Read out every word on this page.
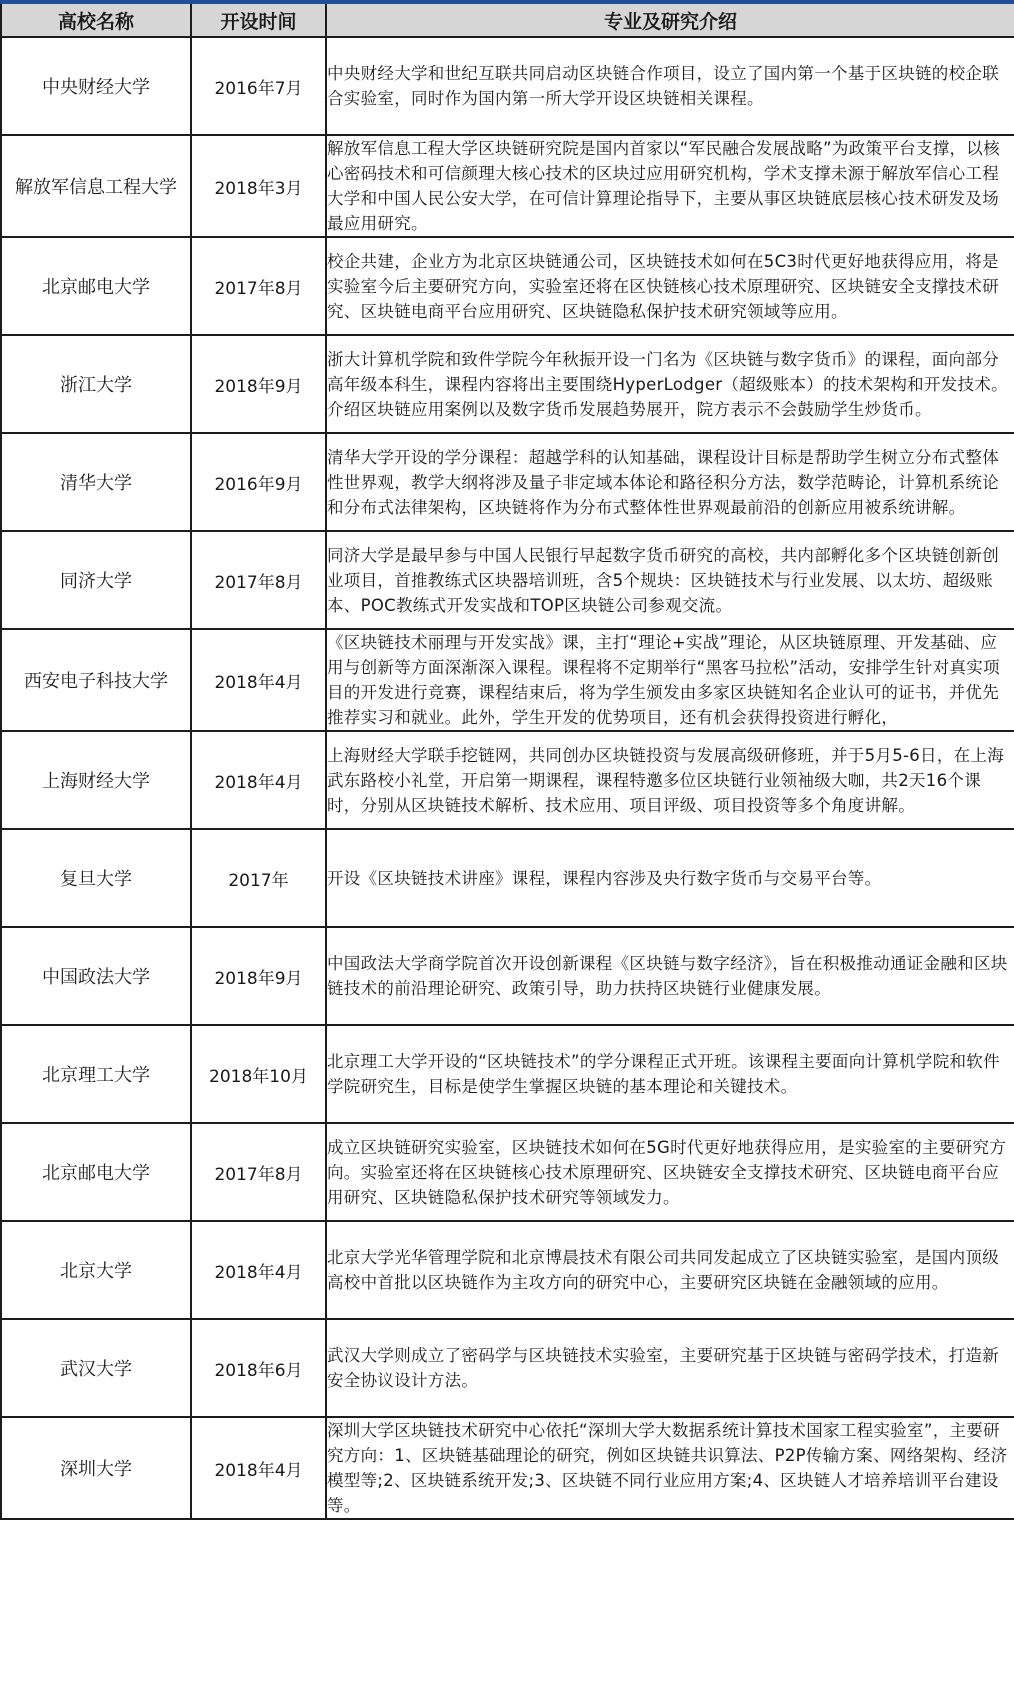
高校名称	开设时间	专业及研究介绍
中央财经大学	2016年7月	中央财经大学和世纪互联共同启动区块链合作项目，设立了国内第一个基于区块链的校企联合实验室，同时作为国内第一所大学开设区块链相关课程。
解放军信息工程大学	2018年3月	解放军信息工程大学区块链研究院是国内首家以“军民融合发展战略”为政策平台支撑，以核心密码技术和可信颜理大核心技术的区块过应用研究机构，学术支撑未源于解放军信心工程大学和中国人民公安大学，在可信计算理论指导下，主要从事区块链底层核心技术研发及场最应用研究。
北京邮电大学	2017年8月	校企共建，企业方为北京区块链通公司，区块链技术如何在5C3时代更好地获得应用，将是实验室今后主要研究方向，实验室还将在区快链核心技术原理研究、区块链安全支撑技术研究、区块链电商平台应用研究、区块链隐私保护技术研究领域等应用。
浙江大学	2018年9月	浙大计算机学院和致件学院今年秋振开设一门名为《区块链与数字货币》的课程，面向部分高年级本科生，课程内容将出主要围绕HyperLodger（超级账本）的技术架构和开发技术。介绍区块链应用案例以及数字货币发展趋势展开，院方表示不会鼓励学生炒货币。
清华大学	2016年9月	清华大学开设的学分课程：超越学科的认知基础，课程设计目标是帮助学生树立分布式整体性世界观，教学大纲将涉及量子非定域本体论和路径积分方法，数学范畴论，计算机系统论和分布式法律架构，区块链将作为分布式整体性世界观最前沿的创新应用被系统讲解。
同济大学	2017年8月	同济大学是最早参与中国人民银行早起数字货币研究的高校，共内部孵化多个区块链创新创业项目，首推教练式区块器培训班，含5个规块：区块链技术与行业发展、以太坊、超级账本、POC教练式开发实战和TOP区块链公司参观交流。
西安电子科技大学	2018年4月	《区块链技术丽理与开发实战》课，主打“理论+实战”理论，从区块链原理、开发基础、应用与创新等方面深渐深入课程。课程将不定期举行“黑客马拉松”活动，安排学生针对真实项目的开发进行竞赛，课程结束后，将为学生颁发由多家区块链知名企业认可的证书，并优先推荐实习和就业。此外，学生开发的优势项目，还有机会获得投资进行孵化，
上海财经大学	2018年4月	上海财经大学联手挖链网，共同创办区块链投资与发展高级研修班，并于5月5-6日，在上海武东路校小礼堂，开启第一期课程，课程特邀多位区块链行业领袖级大咖，共2天16个课时，分别从区块链技术解析、技术应用、项目评级、项目投资等多个角度讲解。
复旦大学	2017年	开设《区块链技术讲座》课程，课程内容涉及央行数字货币与交易平台等。
中国政法大学	2018年9月	中国政法大学商学院首次开设创新课程《区块链与数字经济》，旨在积极推动通证金融和区块链技术的前沿理论研究、政策引导，助力扶持区块链行业健康发展。
北京理工大学	2018年10月	北京理工大学开设的“区块链技术”的学分课程正式开班。该课程主要面向计算机学院和软件学院研究生，目标是使学生掌握区块链的基本理论和关键技术。
北京邮电大学	2017年8月	成立区块链研究实验室，区块链技术如何在5G时代更好地获得应用，是实验室的主要研究方向。实验室还将在区块链核心技术原理研究、区块链安全支撑技术研究、区块链电商平台应用研究、区块链隐私保护技术研究等领域发力。
北京大学	2018年4月	北京大学光华管理学院和北京博晨技术有限公司共同发起成立了区块链实验室，是国内顶级高校中首批以区块链作为主攻方向的研究中心，主要研究区块链在金融领域的应用。
武汉大学	2018年6月	武汉大学则成立了密码学与区块链技术实验室，主要研究基于区块链与密码学技术，打造新安全协议设计方法。
深圳大学	2018年4月	深圳大学区块链技术研究中心依托“深圳大学大数据系统计算技术国家工程实验室”，主要研究方向：1、区块链基础理论的研究，例如区块链共识算法、P2P传输方案、网络架构、经济模型等;2、区块链系统开发;3、区块链不同行业应用方案;4、区块链人才培养培训平台建设等。
